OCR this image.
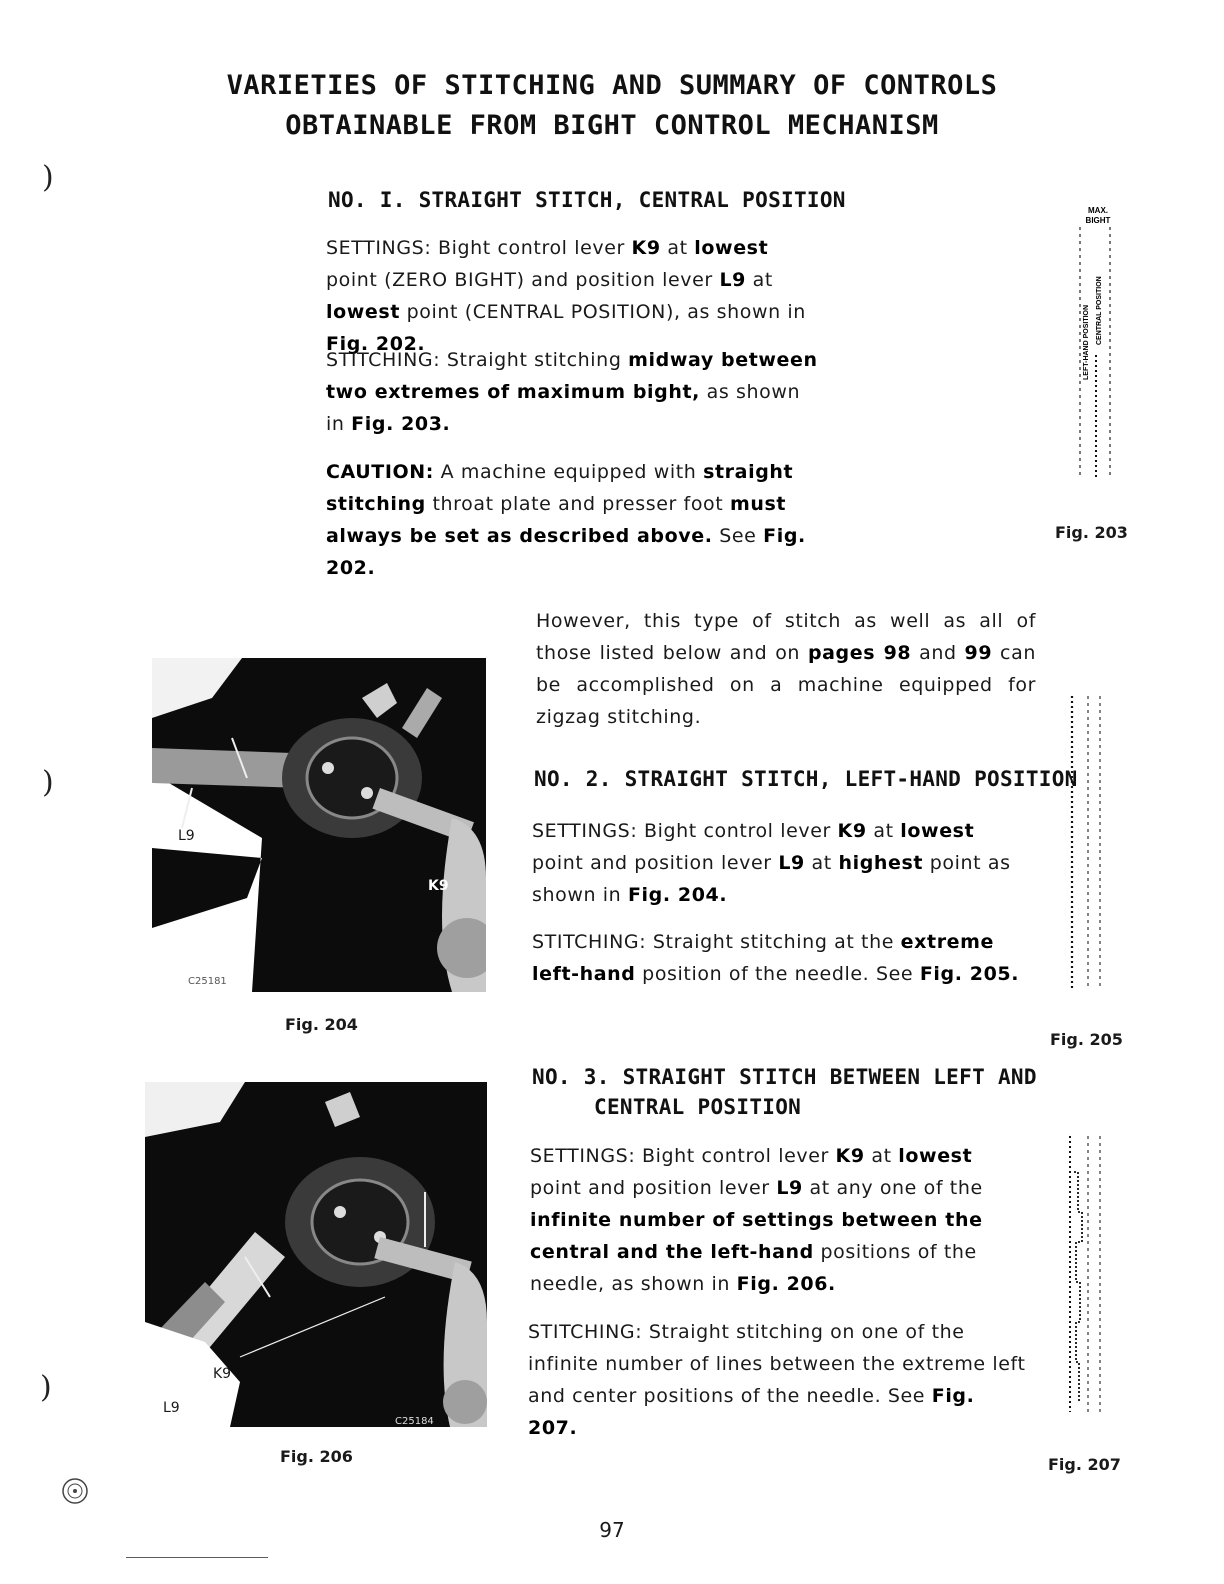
VARIETIES OF STITCHING AND SUMMARY OF CONTROLS
OBTAINABLE FROM BIGHT CONTROL MECHANISM
)
)
)
NO. I. STRAIGHT STITCH, CENTRAL POSITION
SETTINGS: Bight control lever K9 at lowest point (ZERO BIGHT) and position lever L9 at lowest point (CENTRAL POSITION), as shown in Fig. 202.
STITCHING: Straight stitching midway between two extremes of maximum bight, as shown in Fig. 203.
CAUTION: A machine equipped with straight stitching throat plate and presser foot must always be set as described above. See Fig. 202.
However, this type of stitch as well as all of those listed below and on pages 98 and 99 can be accomplished on a machine equipped for zigzag stitching.
MAX.
BIGHT
LEFT-HAND POSITION CENTRAL POSITION
Fig. 203
L9
K9
C25181
Fig. 204
NO. 2. STRAIGHT STITCH, LEFT-HAND POSITION
SETTINGS: Bight control lever K9 at lowest point and position lever L9 at highest point as shown in Fig. 204.
STITCHING: Straight stitching at the extreme left-hand position of the needle. See Fig. 205.
Fig. 205
NO. 3. STRAIGHT STITCH BETWEEN LEFT AND
CENTRAL POSITION
SETTINGS: Bight control lever K9 at lowest point and position lever L9 at any one of the infinite number of settings between the central and the left-hand positions of the needle, as shown in Fig. 206.
STITCHING: Straight stitching on one of the infinite number of lines between the extreme left and center positions of the needle. See Fig. 207.
K9
L9
C25184
Fig. 206	Fig. 207
97
